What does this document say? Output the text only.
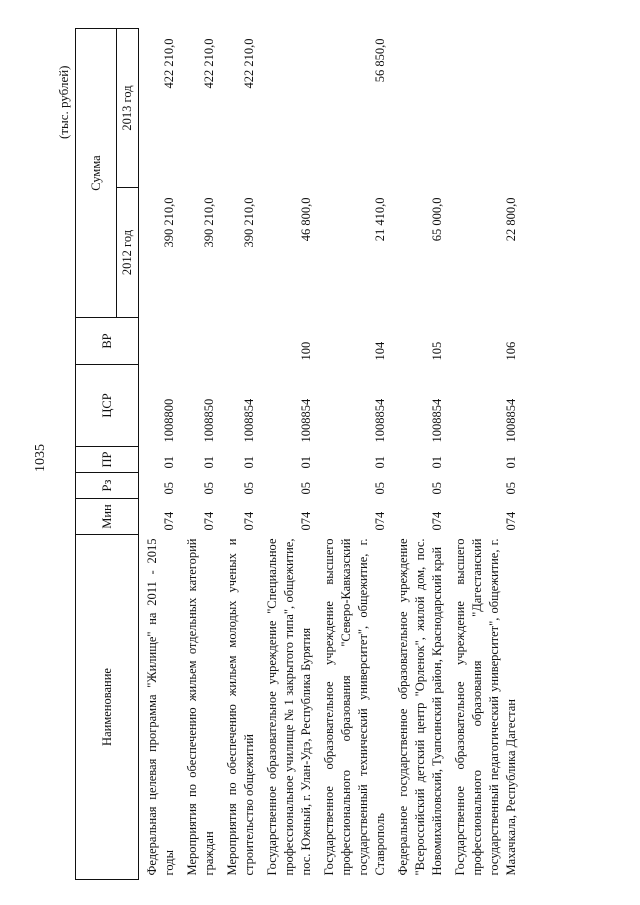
1035
(тыс. рублей)
Наименование	Мин	Рз	ПР	ЦСР	ВР	Сумма	
						2012 год	2013 год
Федеральная целевая программа "Жилище" на 2011 - 2015 годы	074	05	01	1008800		390 210,0	422 210,0
Мероприятия по обеспечению жильем отдельных категорий граждан	074	05	01	1008850		390 210,0	422 210,0
Мероприятия по обеспечению жильем молодых ученых и строительство общежитий	074	05	01	1008854		390 210,0	422 210,0
Государственное образовательное учреждение "Специальное профессиональное училище № 1 закрытого типа", общежитие, пос. Южный, г. Улан-Удэ, Республика Бурятия	074	05	01	1008854	100	46 800,0	
Государственное образовательное учреждение высшего профессионального образования "Северо-Кавказский государственный технический университет", общежитие, г. Ставрополь	074	05	01	1008854	104	21 410,0	56 850,0
Федеральное государственное образовательное учреждение "Всероссийский детский центр "Орленок", жилой дом, пос. Новомихайловский, Туапсинский район, Краснодарский край	074	05	01	1008854	105	65 000,0	
Государственное образовательное учреждение высшего профессионального образования "Дагестанский государственный педагогический университет", общежитие, г. Махачкала, Республика Дагестан	074	05	01	1008854	106	22 800,0	
